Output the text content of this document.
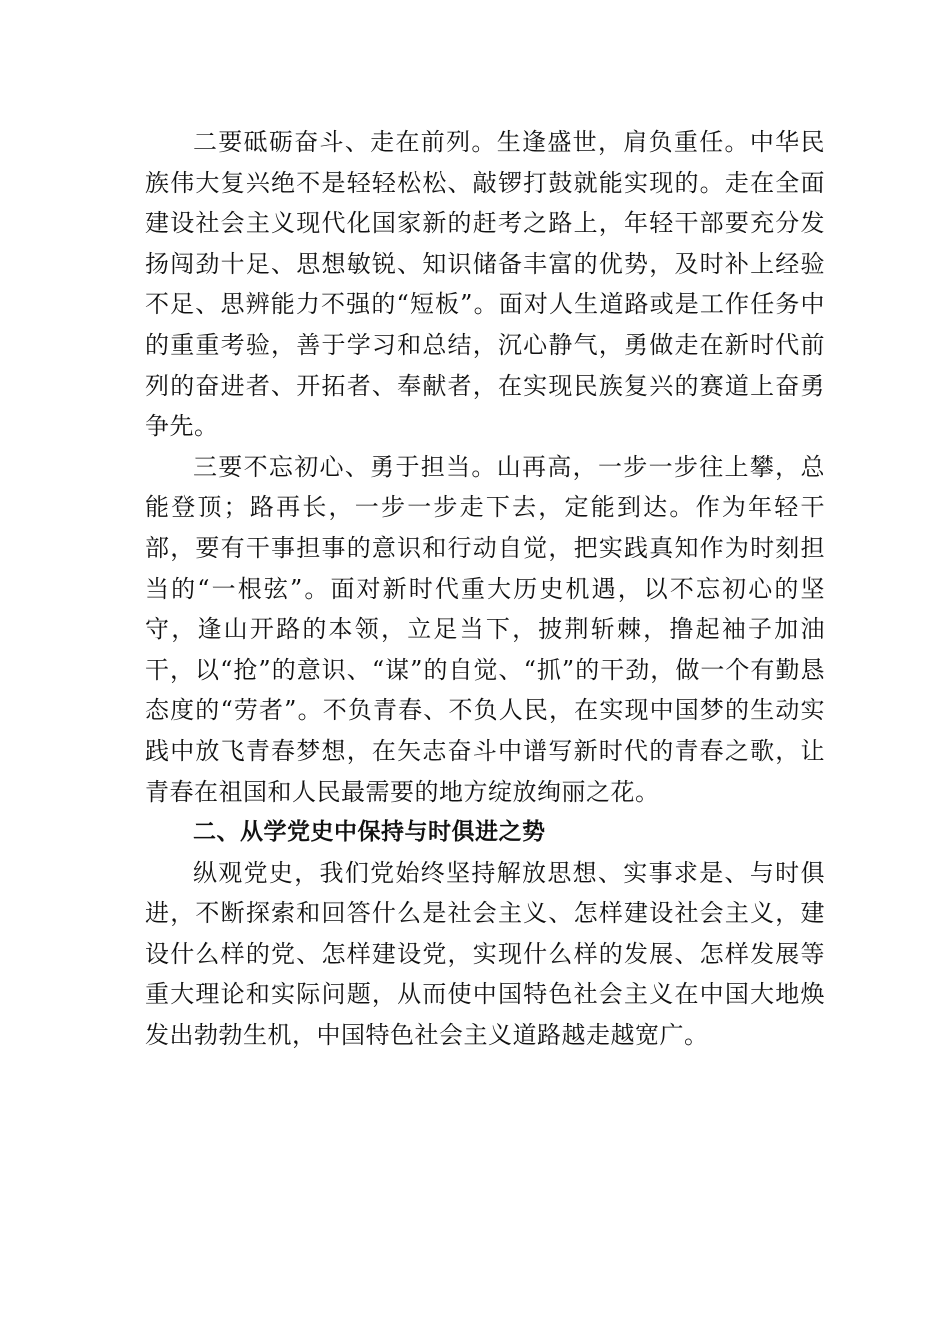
二要砥砺奋斗、走在前列。生逢盛世，肩负重任。中华民族伟大复兴绝不是轻轻松松、敲锣打鼓就能实现的。走在全面建设社会主义现代化国家新的赶考之路上，年轻干部要充分发扬闯劲十足、思想敏锐、知识储备丰富的优势，及时补上经验不足、思辨能力不强的“短板”。面对人生道路或是工作任务中的重重考验，善于学习和总结，沉心静气，勇做走在新时代前列的奋进者、开拓者、奉献者，在实现民族复兴的赛道上奋勇争先。

三要不忘初心、勇于担当。山再高，一步一步往上攀，总能登顶；路再长，一步一步走下去，定能到达。作为年轻干部，要有干事担事的意识和行动自觉，把实践真知作为时刻担当的“一根弦”。面对新时代重大历史机遇，以不忘初心的坚守，逢山开路的本领，立足当下，披荆斩棘，撸起袖子加油干，以“抢”的意识、“谋”的自觉、“抓”的干劲，做一个有勤恳态度的“劳者”。不负青春、不负人民，在实现中国梦的生动实践中放飞青春梦想，在矢志奋斗中谱写新时代的青春之歌，让青春在祖国和人民最需要的地方绽放绚丽之花。

二、从学党史中保持与时俱进之势

纵观党史，我们党始终坚持解放思想、实事求是、与时俱进，不断探索和回答什么是社会主义、怎样建设社会主义，建设什么样的党、怎样建设党，实现什么样的发展、怎样发展等重大理论和实际问题，从而使中国特色社会主义在中国大地焕发出勃勃生机，中国特色社会主义道路越走越宽广。
